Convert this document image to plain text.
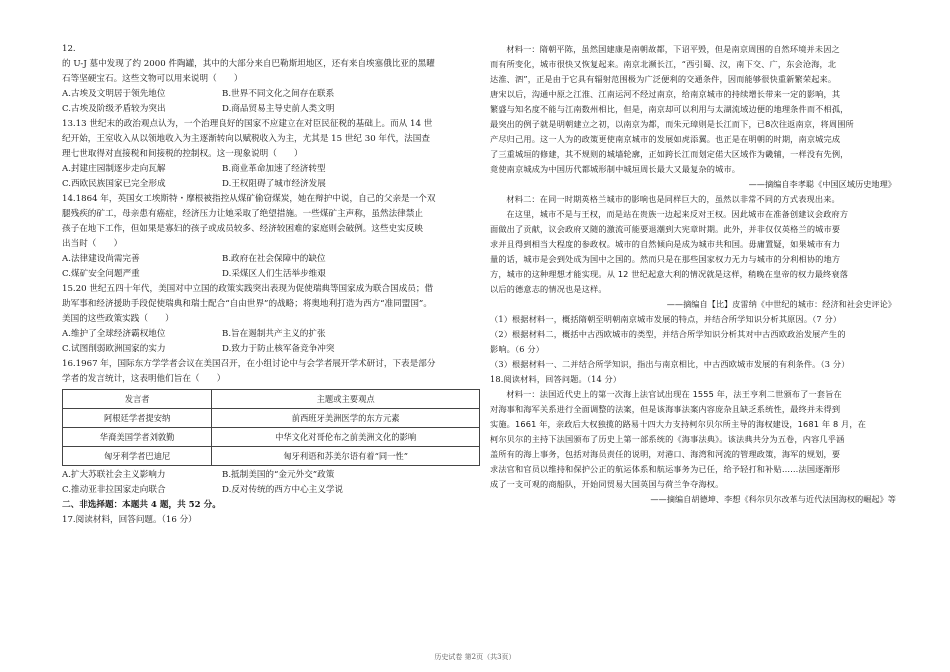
12.
的 U-J 墓中发现了约 2000 件陶罐，其中的大部分来自巴勒斯坦地区，还有来自埃塞俄比亚的黑曜
石等坚硬宝石。这些文物可以用来说明（　　）
A.古埃及文明居于领先地位	B.世界不同文化之间存在联系
C.古埃及阶级矛盾较为突出	D.商品贸易主导史前人类文明
13.13 世纪末的政治观点认为，一个治理良好的国家不应建立在对臣民征税的基础上。而从 14 世
纪开始，王室收入从以领地收入为主逐渐转向以赋税收入为主，尤其是 15 世纪 30 年代，法国查
理七世取得对直接税和间接税的控制权。这一现象说明（　　）
A.封建庄园制逐步走向瓦解	B.商业革命加速了经济转型
C.西欧民族国家已完全形成	D.王权阻碍了城市经济发展
14.1864 年，英国女工埃斯特・摩根被指控从煤矿偷窃煤炭，她在辩护中说，自己的父亲是一个双
腿残疾的矿工，母亲患有癌症，经济压力让她采取了绝望措施。一些煤矿主声称，虽然法律禁止
孩子在地下工作，但如果是寡妇的孩子或成员较多、经济较困难的家庭则会破例。这些史实反映
出当时（　　）
A.法律建设尚需完善	B.政府在社会保障中的缺位
C.煤矿安全问题严重	D.采煤区人们生活举步维艰
15.20 世纪五四十年代，美国对中立国的政策实践突出表现为促使瑞典等国家成为联合国成员；借
助军事和经济援助手段促使瑞典和瑞士配合“自由世界”的战略；将奥地利打造为西方“准同盟国”。
美国的这些政策实践（　　）
A.维护了全球经济霸权地位	B.旨在遏制共产主义的扩张
C.试图削弱欧洲国家的实力	D.致力于防止核军备竞争冲突
16.1967 年，国际东方学学者会议在美国召开，在小组讨论中与会学者展开学术研讨，下表是部分
学者的发言统计，这表明他们旨在（　　）
发言者	主题或主要观点
阿根廷学者提安纳	前西班牙美洲医学的东方元素
华裔美国学者刘敦勤	中华文化对哥伦布之前美洲文化的影响
匈牙利学者巴迪尼	匈牙利语和苏美尔语有着“同一性”
A.扩大苏联社会主义影响力	B.抵制美国的“金元外交”政策
C.推动亚非拉国家走向联合	D.反对传统的西方中心主义学说
二、非选择题：本题共 4 题，共 52 分。
17.阅读材料，回答问题。（16 分）
材料一：隋朝平陈，虽然国建康是南朝故都，下诏平毁，但是南京周围的自然环境并未因之
而有所变化，城市很快又恢复起来。南京北濒长江，“西引蜀、汉，南下交、广，东会沧海，北
达淮、泗”，正是由于它具有辐射范围极为广泛便利的交通条件，因而能够很快重新繁荣起来。
唐宋以后，沟通中原之江淮、江南运河不经过南京，给南京城市的持续增长带来一定的影响，其
繁盛与知名度不能与江南数州相比，但是，南京却可以利用与太湖流域边便的地理条件而不相孤，
最突出的例子就是明朝建立之初，以南京为都，而朱元璋则是长江而下，已8次往返南京，将周围所
产尽归己用。这一人为的政策更使南京城市的发展如虎添翼。也正是在明朝的时期，南京城完成
了三重城垣的修建，其不规则的城墙轮廓，正如跨长江而划定偌大区域作为畿辅，一样没有先例，
竟使南京城成为中国历代都城形制中城垣周长最大又最复杂的城市。
——摘编自李孝聪《中国区域历史地理》
材料二：在同一时期英格兰城市的影响也是同样巨大的，虽然以非常不同的方式表现出来。
在这里，城市不是与王权，而是站在贵族一边起来反对王权。因此城市在准备创建议会政府方
面做出了贡献，议会政府又随的激流可能要退潮到大宪章时期。此外，并非仅仅英格兰的城市要
求并且得到相当大程度的参政权。城市的自然倾向是成为城市共和国。毋庸置疑，如果城市有力
量的话，城市是会到处成为国中之国的。然而只是在那些国家权力无力与城市的分利相协的地方
方，城市的这种理想才能实现。从 12 世纪起意大利的情况就是这样，稍晚在皇帝的权力最终衰落
以后的德意志的情况也是这样。
——摘编自【比】皮雷纳《中世纪的城市：经济和社会史评论》
（1）根据材料一，概括隋朝至明朝南京城市发展的特点，并结合所学知识分析其原因。（7 分）
（2）根据材料二，概括中古西欧城市的类型，并结合所学知识分析其对中古西欧政治发展产生的
影响。（6 分）
（3）根据材料一、二并结合所学知识，指出与南京相比，中古西欧城市发展的有利条件。（3 分）
18.阅读材料，回答问题。（14 分）
材料一：法国近代史上的第一次海上法官试出现在 1555 年，法王亨利二世颁布了一套旨在
对海事和海军关系进行全面调整的法案，但是该海事法案内容庞杂且缺乏系统性，最终并未得到
实施。1661 年，亲政后大权独揽的路易十四大力支持柯尔贝尔所主导的海权建设，1681 年 8 月，在
柯尔贝尔的主持下法国颁布了历史上第一部系统的《海事法典》。该法典共分为五卷，内容几乎涵
盖所有的海上事务，包括对海员责任的说明，对港口、海湾和河流的管理政策，海军的规划，要
求法官和官员以维持和保护公正的航运体系和航运事务为已任，给予轻打和补贴……法国逐渐形
成了一支可观的商船队，开始同贸易大国英国与荷兰争夺海权。
——摘编自胡德坤、李想《科尔贝尔改革与近代法国海权的崛起》等
历史试卷 第2页（共3页）
